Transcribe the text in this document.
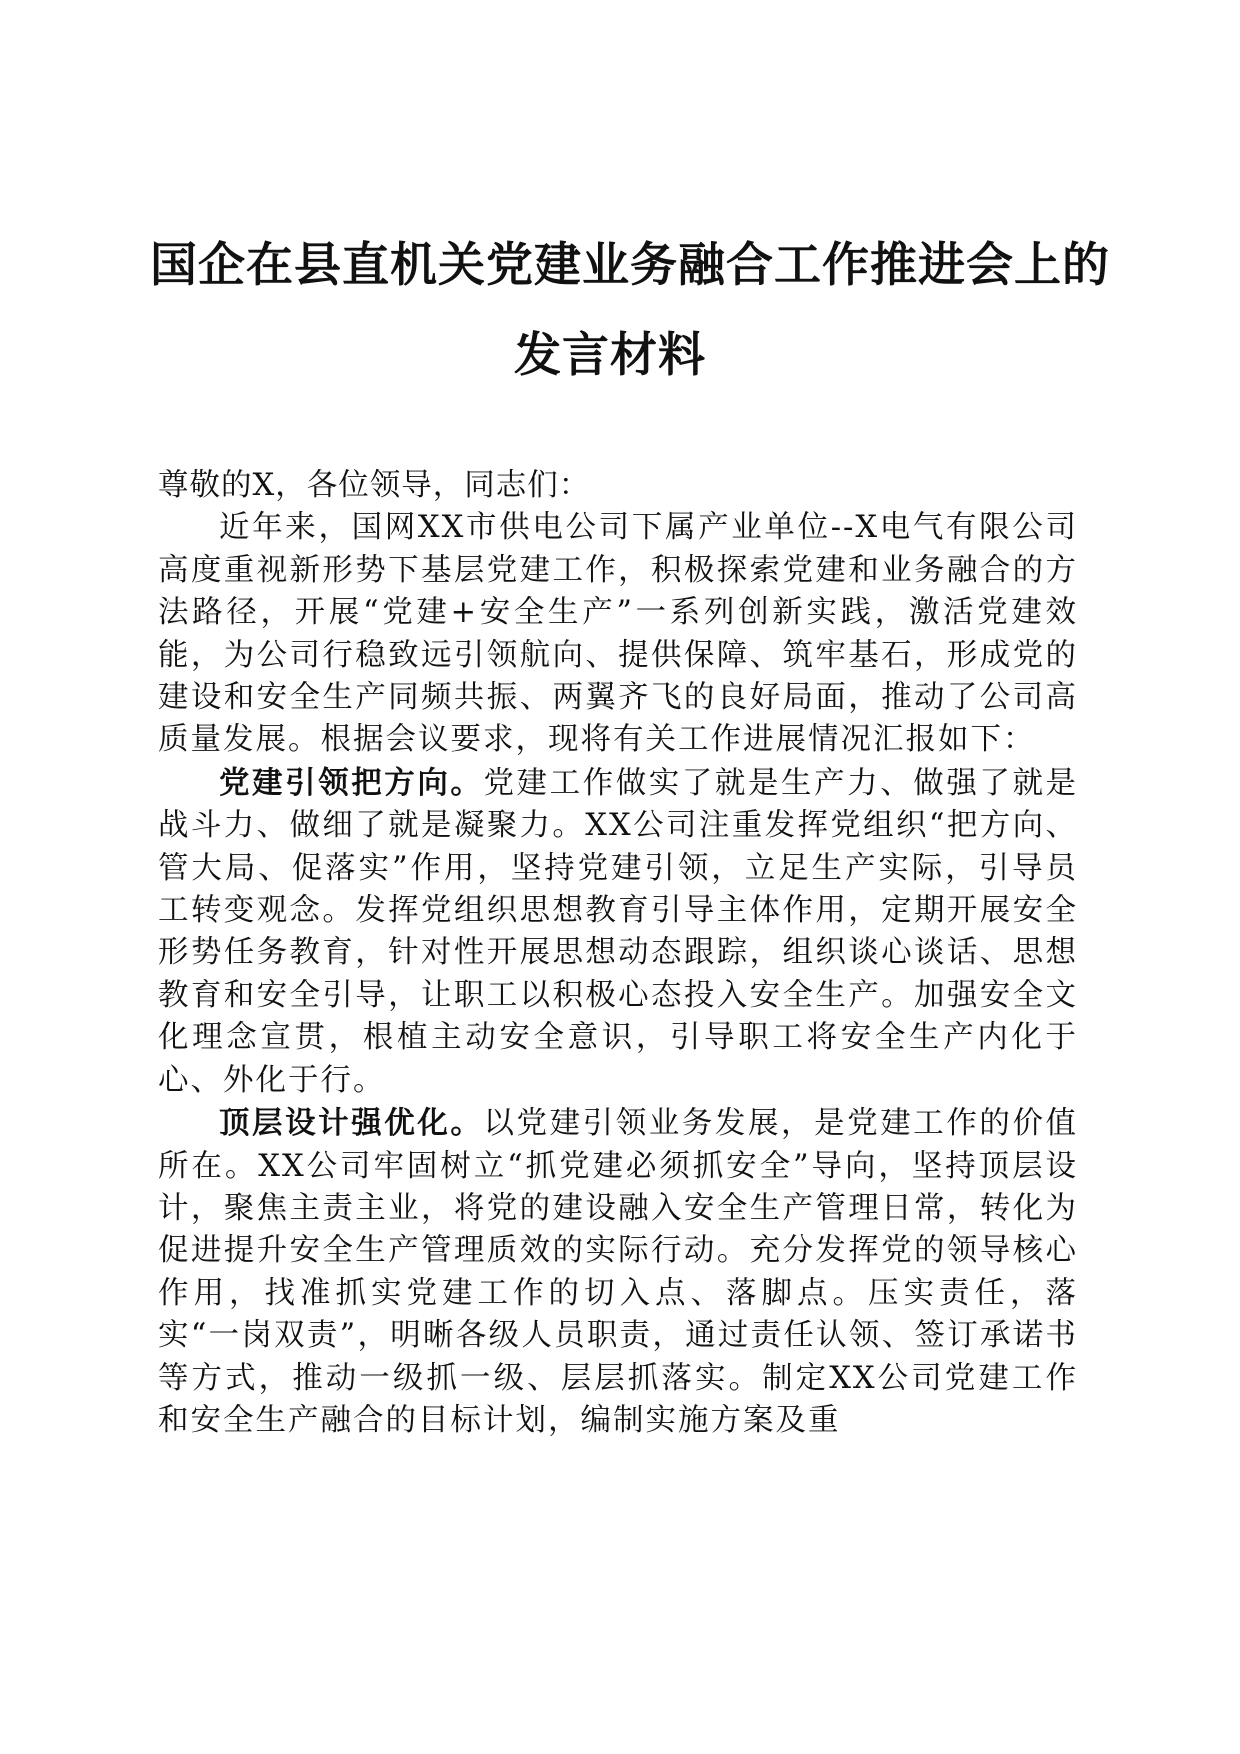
国企在县直机关党建业务融合工作推进会上的
发言材料

尊敬的X，各位领导，同志们：

近年来，国网XX市供电公司下属产业单位--X电气有限公司高度重视新形势下基层党建工作，积极探索党建和业务融合的方法路径，开展“党建+安全生产”一系列创新实践，激活党建效能，为公司行稳致远引领航向、提供保障、筑牢基石，形成党的建设和安全生产同频共振、两翼齐飞的良好局面，推动了公司高质量发展。根据会议要求，现将有关工作进展情况汇报如下：

党建引领把方向。党建工作做实了就是生产力、做强了就是战斗力、做细了就是凝聚力。XX公司注重发挥党组织“把方向、管大局、促落实”作用，坚持党建引领，立足生产实际，引导员工转变观念。发挥党组织思想教育引导主体作用，定期开展安全形势任务教育，针对性开展思想动态跟踪，组织谈心谈话、思想教育和安全引导，让职工以积极心态投入安全生产。加强安全文化理念宣贯，根植主动安全意识，引导职工将安全生产内化于心、外化于行。

顶层设计强优化。以党建引领业务发展，是党建工作的价值所在。XX公司牢固树立“抓党建必须抓安全”导向，坚持顶层设计，聚焦主责主业，将党的建设融入安全生产管理日常，转化为促进提升安全生产管理质效的实际行动。充分发挥党的领导核心作用，找准抓实党建工作的切入点、落脚点。压实责任，落实“一岗双责”，明晰各级人员职责，通过责任认领、签订承诺书等方式，推动一级抓一级、层层抓落实。制定XX公司党建工作和安全生产融合的目标计划，编制实施方案及重
